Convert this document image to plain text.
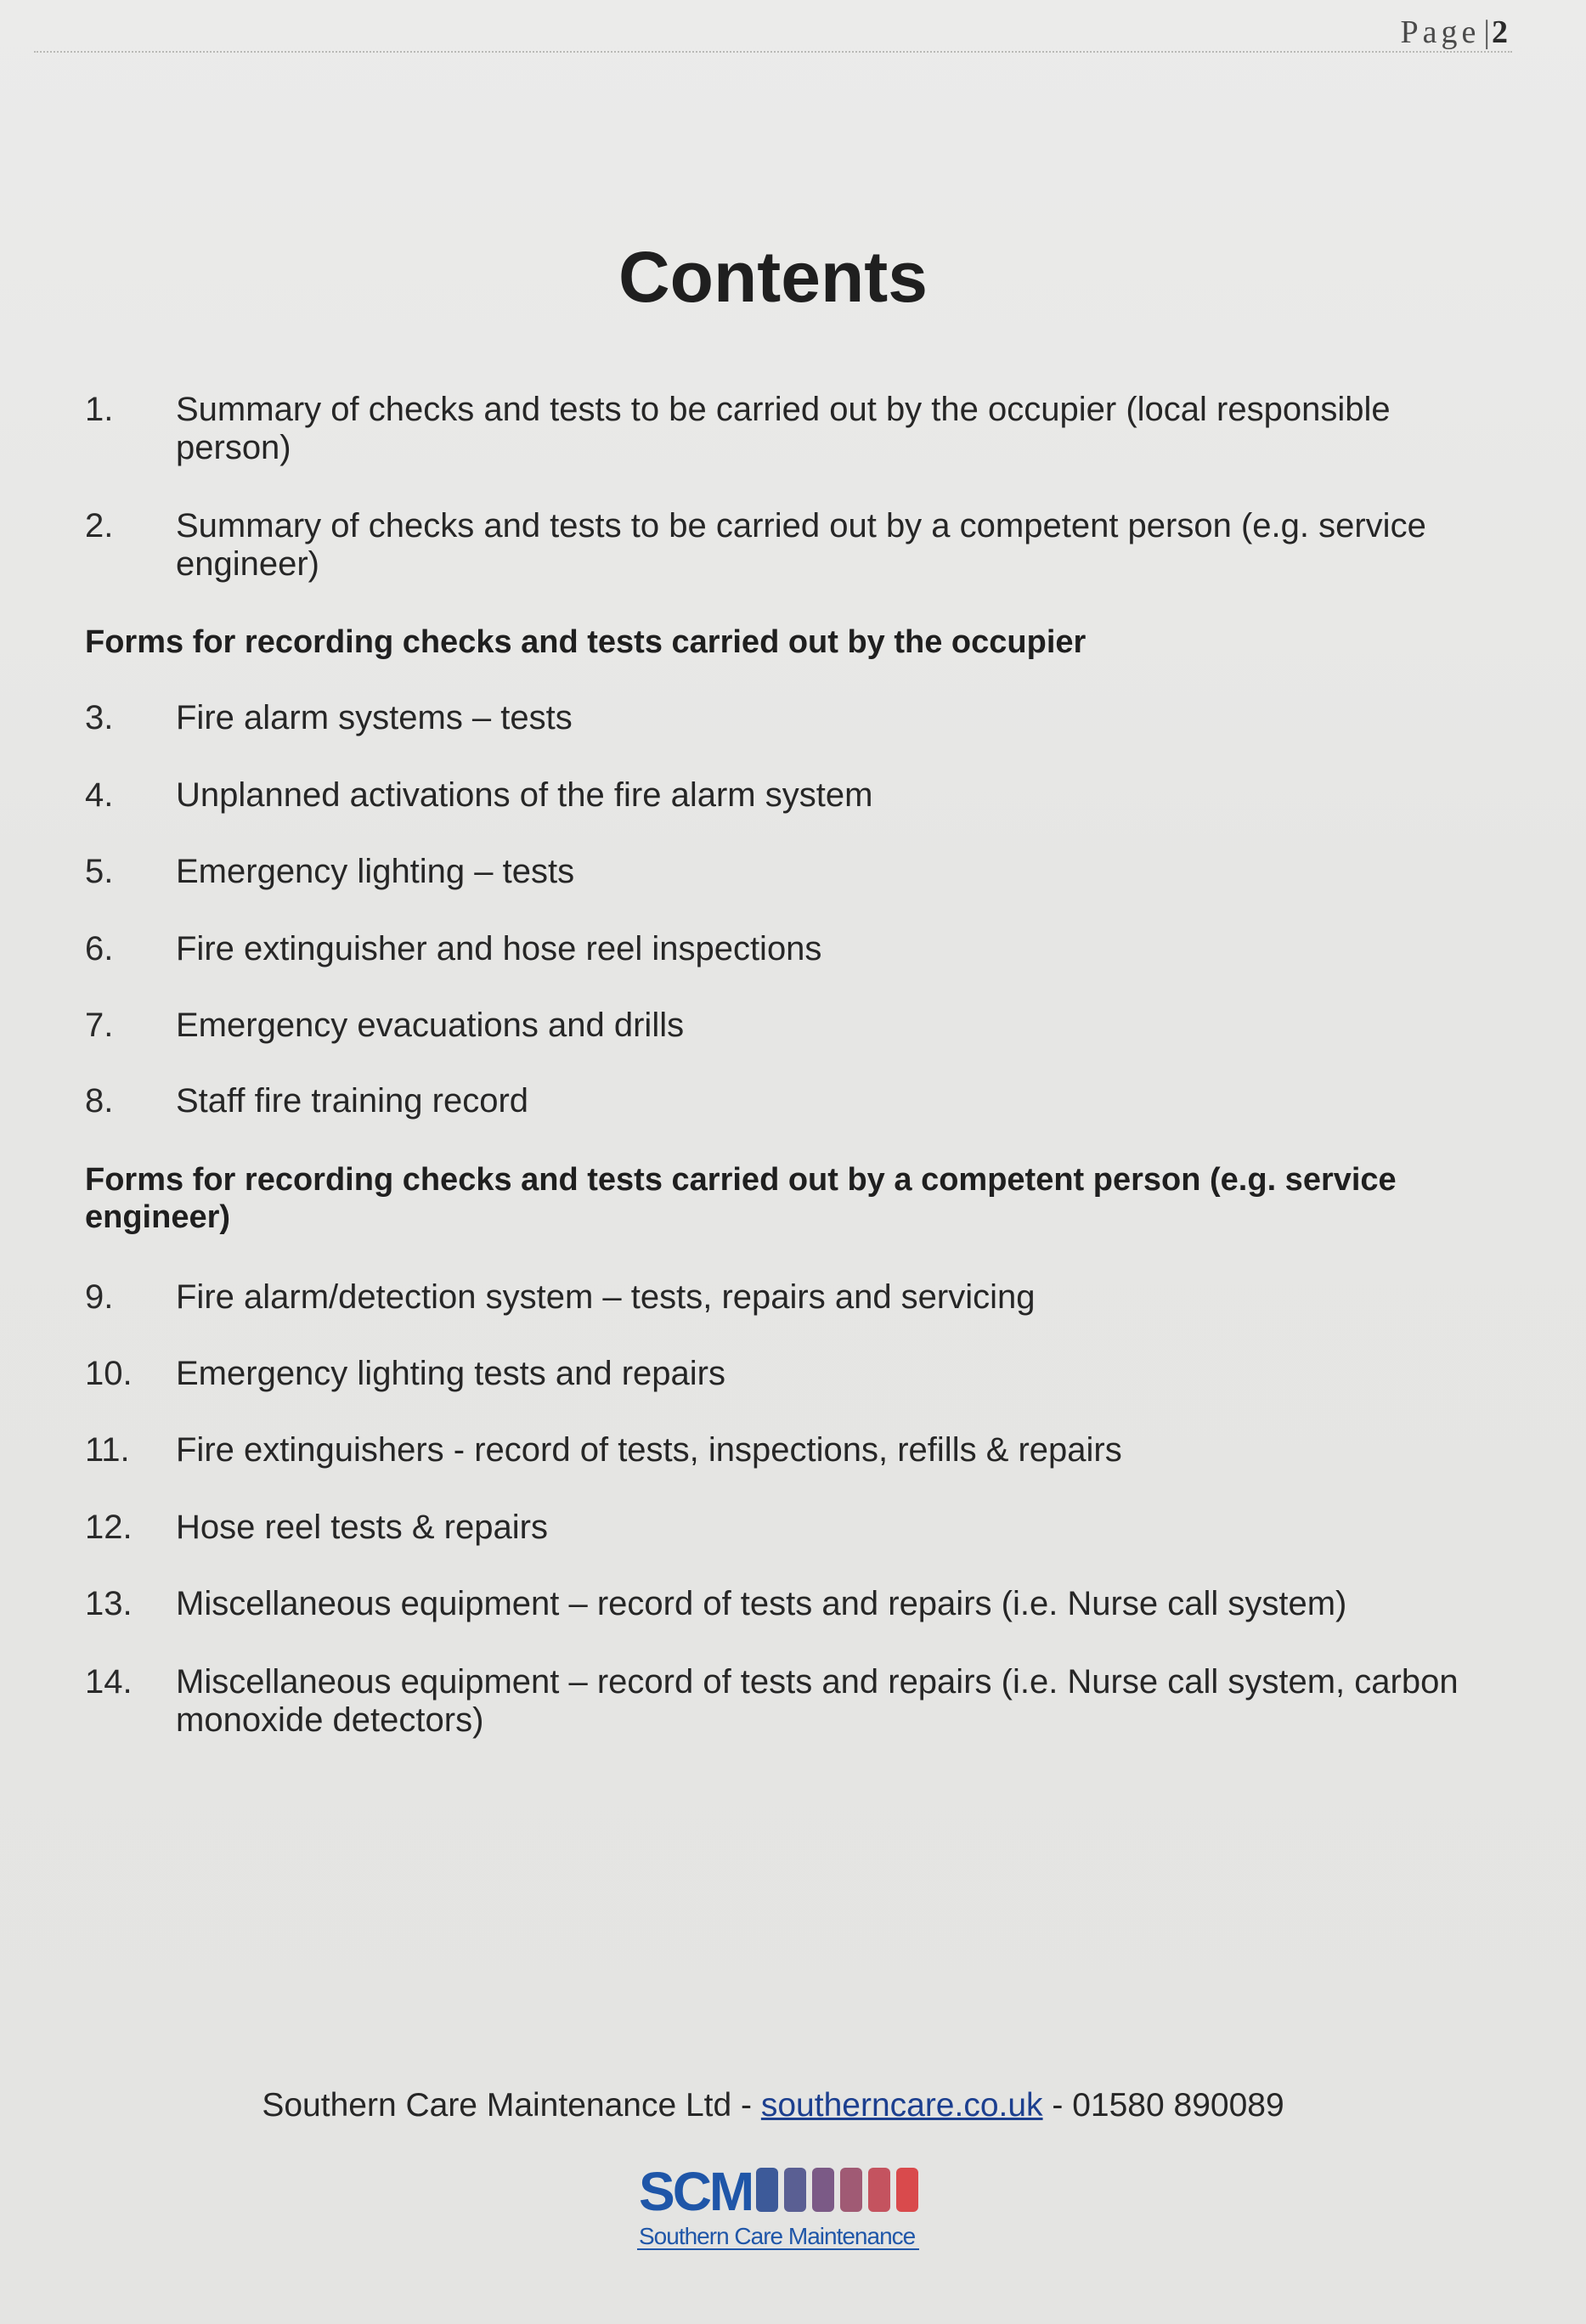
Page |2
Contents
1. Summary of checks and tests to be carried out by the occupier (local responsible person)
2. Summary of checks and tests to be carried out by a competent person (e.g. service engineer)
Forms for recording checks and tests carried out by the occupier
3. Fire alarm systems – tests
4. Unplanned activations of the fire alarm system
5. Emergency lighting – tests
6. Fire extinguisher and hose reel inspections
7. Emergency evacuations and drills
8. Staff fire training record
Forms for recording checks and tests carried out by a competent person (e.g. service engineer)
9. Fire alarm/detection system – tests, repairs and servicing
10. Emergency lighting tests and repairs
11. Fire extinguishers - record of tests, inspections, refills & repairs
12. Hose reel tests & repairs
13. Miscellaneous equipment – record of tests and repairs (i.e. Nurse call system)
14. Miscellaneous equipment – record of tests and repairs (i.e. Nurse call system, carbon monoxide detectors)
Southern Care Maintenance Ltd - southerncare.co.uk - 01580 890089
SCM
Southern Care Maintenance
